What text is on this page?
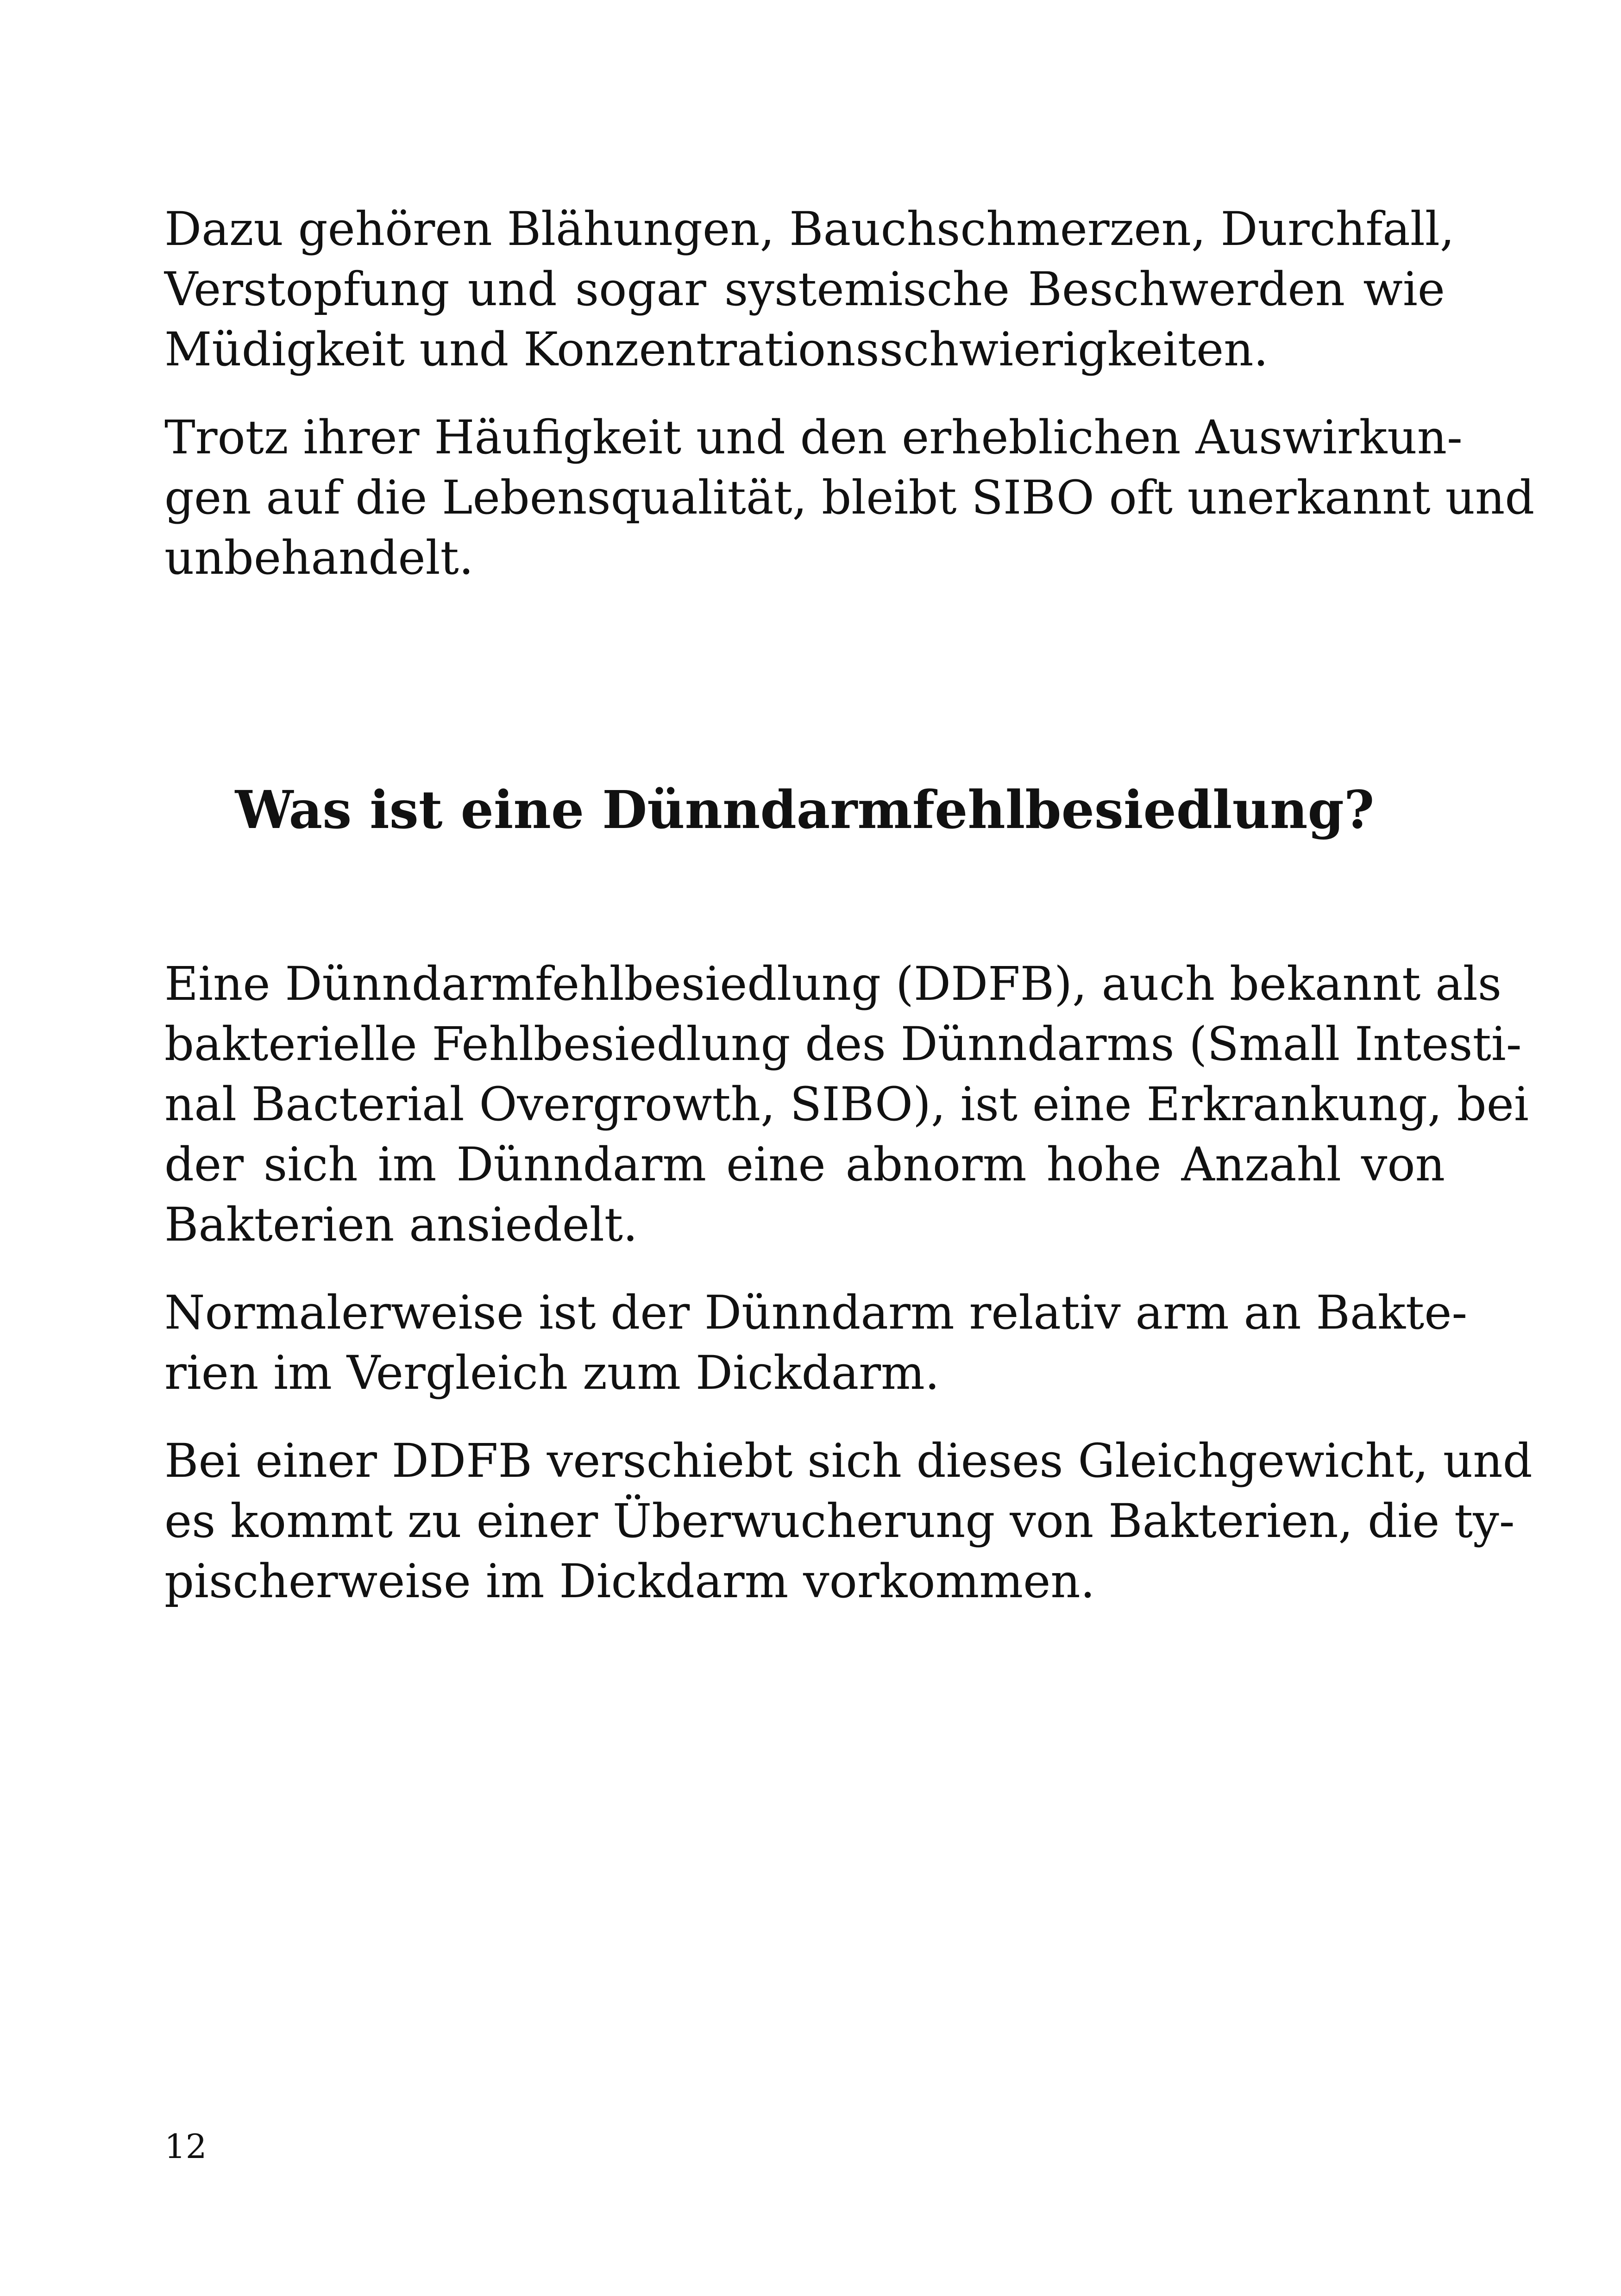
Dazu gehören Blähungen, Bauchschmerzen, Durchfall,
Verstopfung und sogar systemische Beschwerden wie
Müdigkeit und Konzentrationsschwierigkeiten.
Trotz ihrer Häufigkeit und den erheblichen Auswirkun-
gen auf die Lebensqualität, bleibt SIBO oft unerkannt und
unbehandelt.
Was ist eine Dünndarmfehlbesiedlung?
Eine Dünndarmfehlbesiedlung (DDFB), auch bekannt als
bakterielle Fehlbesiedlung des Dünndarms (Small Intesti-
nal Bacterial Overgrowth, SIBO), ist eine Erkrankung, bei
der sich im Dünndarm eine abnorm hohe Anzahl von
Bakterien ansiedelt.
Normalerweise ist der Dünndarm relativ arm an Bakte-
rien im Vergleich zum Dickdarm.
Bei einer DDFB verschiebt sich dieses Gleichgewicht, und
es kommt zu einer Überwucherung von Bakterien, die ty-
pischerweise im Dickdarm vorkommen.
12
